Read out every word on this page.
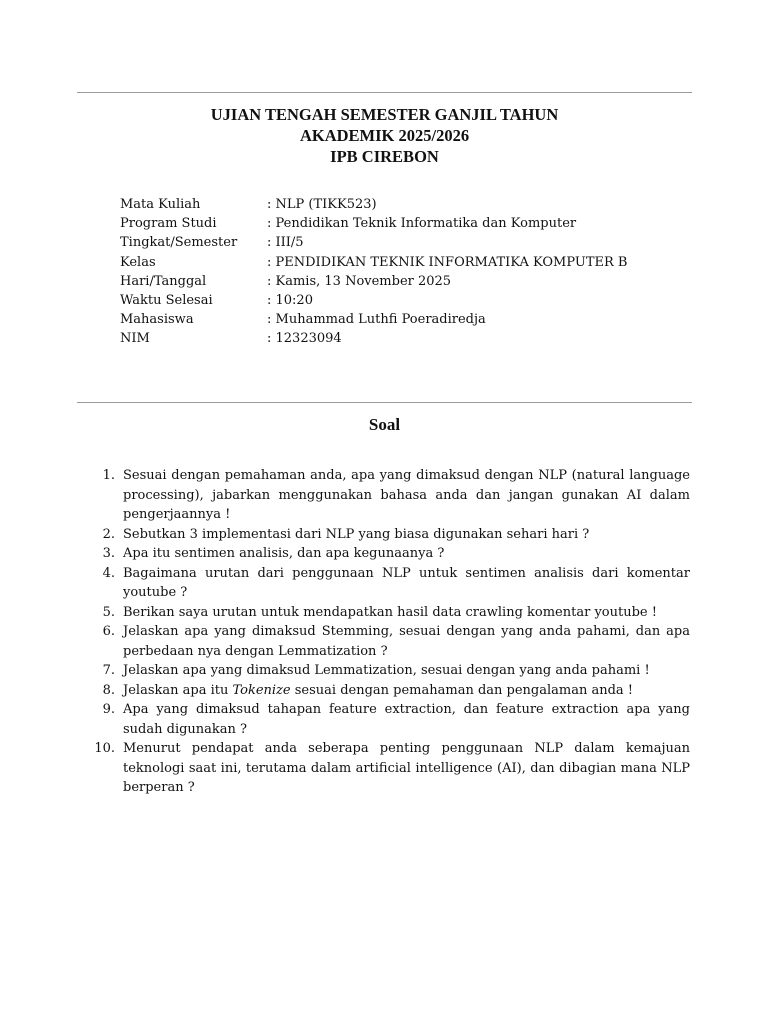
UJIAN TENGAH SEMESTER GANJIL TAHUN
AKADEMIK 2025/2026
IPB CIREBON
Mata Kuliah	: NLP (TIKK523)
Program Studi	: Pendidikan Teknik Informatika dan Komputer
Tingkat/Semester	: III/5
Kelas	: PENDIDIKAN TEKNIK INFORMATIKA KOMPUTER B
Hari/Tanggal	: Kamis, 13 November 2025
Waktu Selesai	: 10:20
Mahasiswa	: Muhammad Luthfi Poeradiredja
NIM	: 12323094
Soal
1. Sesuai dengan pemahaman anda, apa yang dimaksud dengan NLP (natural language processing), jabarkan menggunakan bahasa anda dan jangan gunakan AI dalam pengerjaannya !
2. Sebutkan 3 implementasi dari NLP yang biasa digunakan sehari hari ?
3. Apa itu sentimen analisis, dan apa kegunaanya ?
4. Bagaimana urutan dari penggunaan NLP untuk sentimen analisis dari komentar youtube ?
5. Berikan saya urutan untuk mendapatkan hasil data crawling komentar youtube !
6. Jelaskan apa yang dimaksud Stemming, sesuai dengan yang anda pahami, dan apa perbedaan nya dengan Lemmatization ?
7. Jelaskan apa yang dimaksud Lemmatization, sesuai dengan yang anda pahami !
8. Jelaskan apa itu Tokenize sesuai dengan pemahaman dan pengalaman anda !
9. Apa yang dimaksud tahapan feature extraction, dan feature extraction apa yang sudah digunakan ?
10. Menurut pendapat anda seberapa penting penggunaan NLP dalam kemajuan teknologi saat ini, terutama dalam artificial intelligence (AI), dan dibagian mana NLP berperan ?
